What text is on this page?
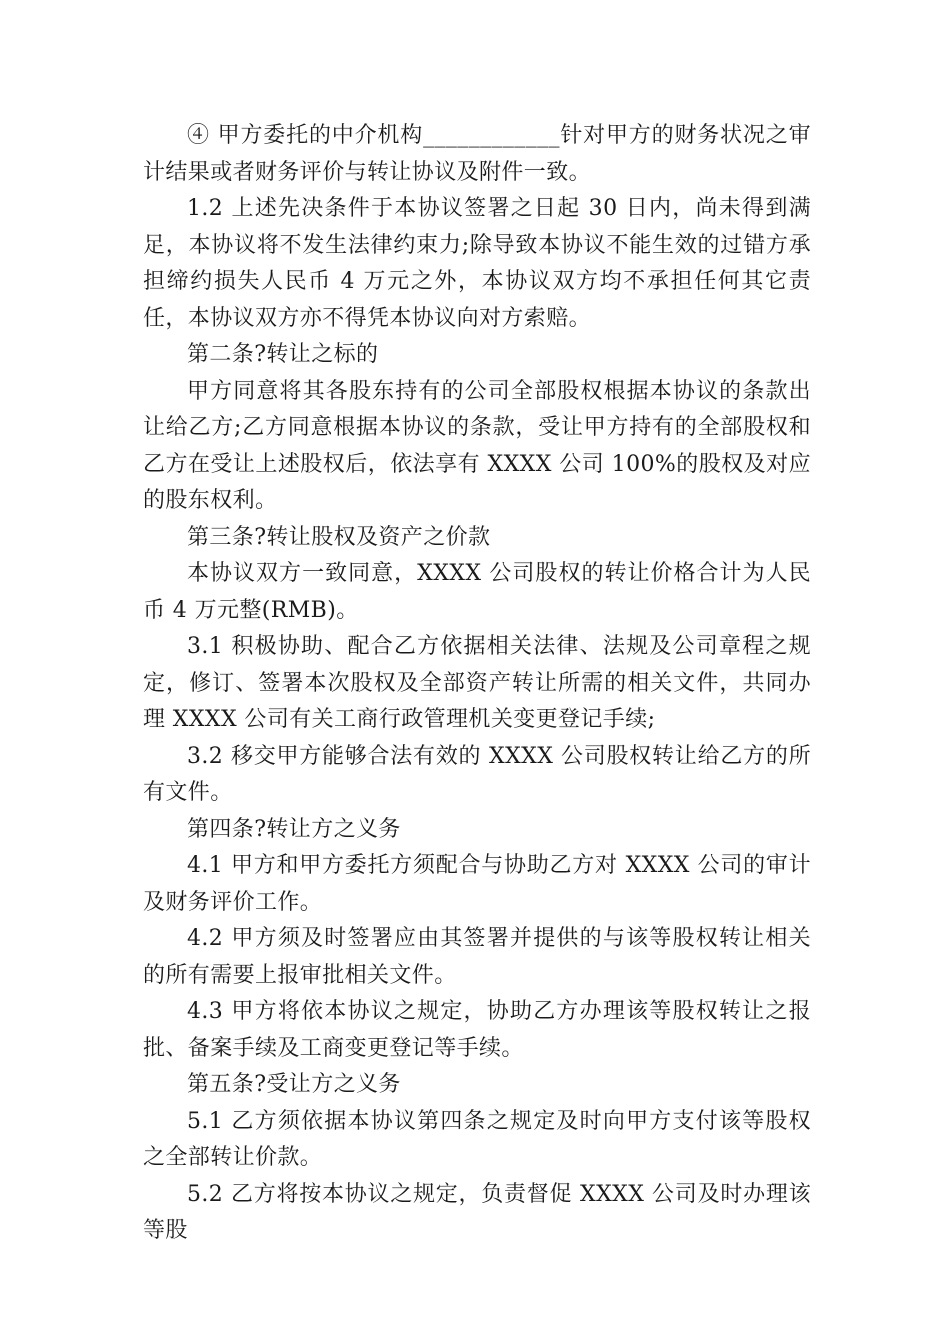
④ 甲方委托的中介机构____________针对甲方的财务状况之审计结果或者财务评价与转让协议及附件一致。

1.2 上述先决条件于本协议签署之日起 30 日内，尚未得到满足，本协议将不发生法律约束力;除导致本协议不能生效的过错方承担缔约损失人民币 4 万元之外，本协议双方均不承担任何其它责任，本协议双方亦不得凭本协议向对方索赔。

第二条?转让之标的

甲方同意将其各股东持有的公司全部股权根据本协议的条款出让给乙方;乙方同意根据本协议的条款，受让甲方持有的全部股权和乙方在受让上述股权后，依法享有 XXXX 公司 100%的股权及对应的股东权利。

第三条?转让股权及资产之价款

本协议双方一致同意，XXXX 公司股权的转让价格合计为人民币 4 万元整(RMB)。

3.1 积极协助、配合乙方依据相关法律、法规及公司章程之规定，修订、签署本次股权及全部资产转让所需的相关文件，共同办理 XXXX 公司有关工商行政管理机关变更登记手续;

3.2 移交甲方能够合法有效的 XXXX 公司股权转让给乙方的所有文件。

第四条?转让方之义务

4.1 甲方和甲方委托方须配合与协助乙方对 XXXX 公司的审计及财务评价工作。

4.2 甲方须及时签署应由其签署并提供的与该等股权转让相关的所有需要上报审批相关文件。

4.3 甲方将依本协议之规定，协助乙方办理该等股权转让之报批、备案手续及工商变更登记等手续。

第五条?受让方之义务

5.1 乙方须依据本协议第四条之规定及时向甲方支付该等股权之全部转让价款。

5.2 乙方将按本协议之规定，负责督促 XXXX 公司及时办理该等股
